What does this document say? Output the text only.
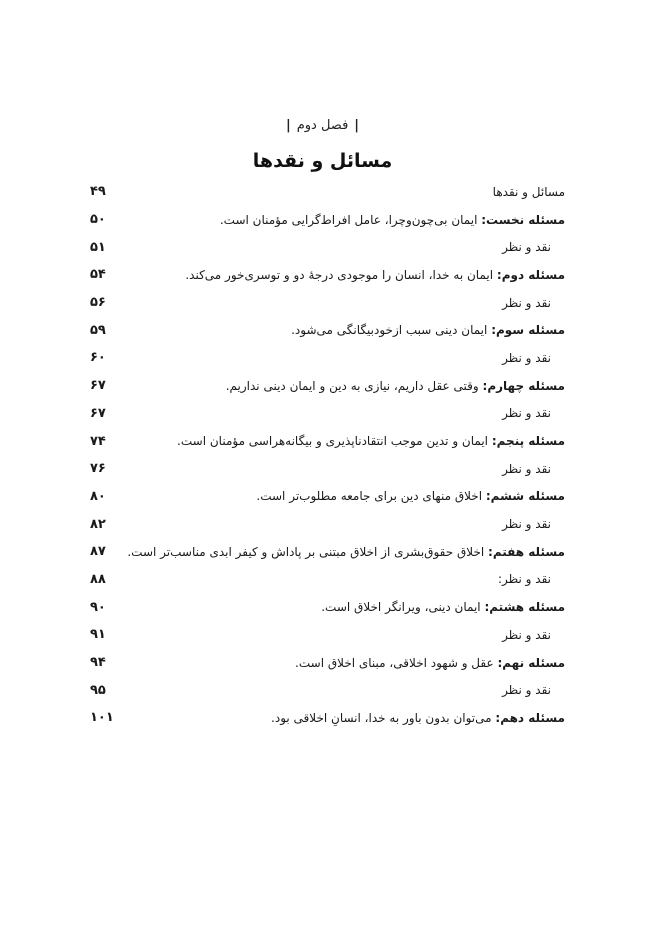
|فصل دوم|
مسائل و نقدها
۴۹	مسائل و نقدها
۵۰	مسئله نخست: ایمان بی‌چون‌وچرا، عامل افراط‌گرایی مؤمنان است.
۵۱	نقد و نظر
۵۴	مسئله دوم: ایمان به خدا، انسان را موجودی درجهٔ دو و توسری‌خور می‌کند.
۵۶	نقد و نظر
۵۹	مسئله سوم: ایمان دینی سبب ازخودبیگانگی می‌شود.
۶۰	نقد و نظر
۶۷	مسئله چهارم: وقتی عقل داریم، نیازی به دین و ایمان دینی نداریم.
۶۷	نقد و نظر
۷۴	مسئله پنجم: ایمان و تدین موجب انتقادناپذیری و بیگانه‌هراسی مؤمنان است.
۷۶	نقد و نظر
۸۰	مسئله ششم: اخلاق منهای دین برای جامعه مطلوب‌تر است.
۸۲	نقد و نظر
۸۷	مسئله هفتم: اخلاق حقوق‌بشری از اخلاق مبتنی بر پاداش و کیفر ابدی مناسب‌تر است.
۸۸	نقد و نظر:
۹۰	مسئله هشتم: ایمان دینی، ویرانگر اخلاق است.
۹۱	نقد و نظر
۹۴	مسئله نهم: عقل و شهود اخلاقی، مبنای اخلاق است.
۹۵	نقد و نظر
۱۰۱	مسئله دهم: می‌توان بدون باور به خدا، انسانِ اخلاقی بود.
